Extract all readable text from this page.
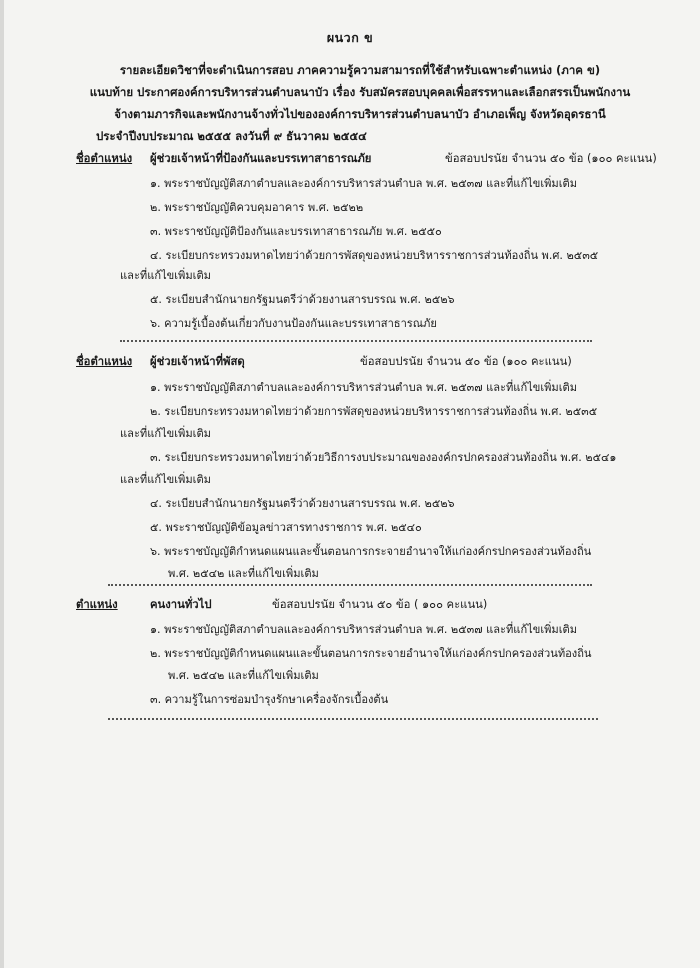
ผนวก ข
รายละเอียดวิชาที่จะดำเนินการสอบ ภาคความรู้ความสามารถที่ใช้สำหรับเฉพาะตำแหน่ง (ภาค ข)
แนบท้าย ประกาศองค์การบริหารส่วนตำบลนาบัว เรื่อง รับสมัครสอบบุคคลเพื่อสรรหาและเลือกสรรเป็นพนักงาน
จ้างตามภารกิจและพนักงานจ้างทั่วไปขององค์การบริหารส่วนตำบลนาบัว อำเภอเพ็ญ จังหวัดอุดรธานี
ประจำปีงบประมาณ ๒๕๕๕ ลงวันที่ ๙ ธันวาคม ๒๕๕๔
ชื่อตำแหน่ง ผู้ช่วยเจ้าหน้าที่ป้องกันและบรรเทาสาธารณภัย	ข้อสอบปรนัย จำนวน ๕๐ ข้อ (๑๐๐ คะแนน)
๑. พระราชบัญญัติสภาตำบลและองค์การบริหารส่วนตำบล พ.ศ. ๒๕๓๗ และที่แก้ไขเพิ่มเติม
๒. พระราชบัญญัติควบคุมอาคาร พ.ศ. ๒๕๒๒
๓. พระราชบัญญัติป้องกันและบรรเทาสาธารณภัย พ.ศ. ๒๕๕๐
๔. ระเบียบกระทรวงมหาดไทยว่าด้วยการพัสดุของหน่วยบริหารราชการส่วนท้องถิ่น พ.ศ. ๒๕๓๕
และที่แก้ไขเพิ่มเติม
๕. ระเบียบสำนักนายกรัฐมนตรีว่าด้วยงานสารบรรณ พ.ศ. ๒๕๒๖
๖. ความรู้เบื้องต้นเกี่ยวกับงานป้องกันและบรรเทาสาธารณภัย
ชื่อตำแหน่ง ผู้ช่วยเจ้าหน้าที่พัสดุ	ข้อสอบปรนัย จำนวน ๕๐ ข้อ (๑๐๐ คะแนน)
๑. พระราชบัญญัติสภาตำบลและองค์การบริหารส่วนตำบล พ.ศ. ๒๕๓๗ และที่แก้ไขเพิ่มเติม
๒. ระเบียบกระทรวงมหาดไทยว่าด้วยการพัสดุของหน่วยบริหารราชการส่วนท้องถิ่น พ.ศ. ๒๕๓๕
และที่แก้ไขเพิ่มเติม
๓. ระเบียบกระทรวงมหาดไทยว่าด้วยวิธีการงบประมาณขององค์กรปกครองส่วนท้องถิ่น พ.ศ. ๒๕๔๑
และที่แก้ไขเพิ่มเติม
๔. ระเบียบสำนักนายกรัฐมนตรีว่าด้วยงานสารบรรณ พ.ศ. ๒๕๒๖
๕. พระราชบัญญัติข้อมูลข่าวสารทางราชการ พ.ศ. ๒๕๔๐
๖. พระราชบัญญัติกำหนดแผนและขั้นตอนการกระจายอำนาจให้แก่องค์กรปกครองส่วนท้องถิ่น
พ.ศ. ๒๕๔๒ และที่แก้ไขเพิ่มเติม
ตำแหน่ง	คนงานทั่วไป	ข้อสอบปรนัย จำนวน ๕๐ ข้อ ( ๑๐๐ คะแนน)
๑. พระราชบัญญัติสภาตำบลและองค์การบริหารส่วนตำบล พ.ศ. ๒๕๓๗ และที่แก้ไขเพิ่มเติม
๒. พระราชบัญญัติกำหนดแผนและขั้นตอนการกระจายอำนาจให้แก่องค์กรปกครองส่วนท้องถิ่น
พ.ศ. ๒๕๔๒ และที่แก้ไขเพิ่มเติม
๓. ความรู้ในการซ่อมบำรุงรักษาเครื่องจักรเบื้องต้น
